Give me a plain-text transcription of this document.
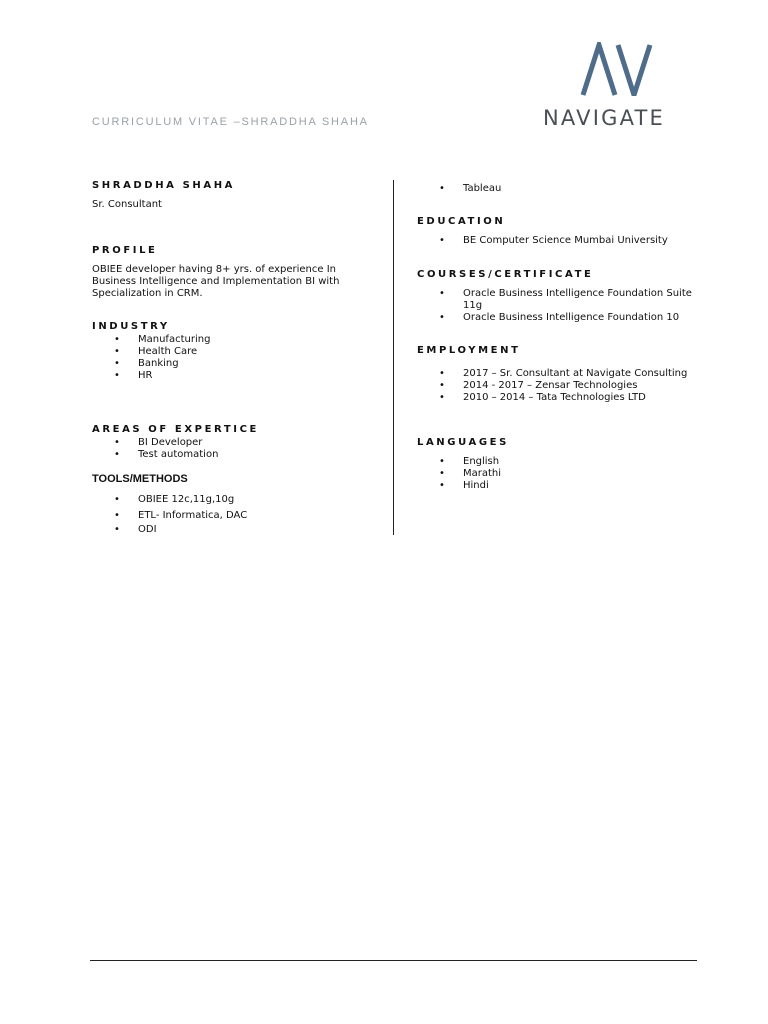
CURRICULUM VITAE –SHRADDHA SHAHA	NAVIGATE
SHRADDHA SHAHA
Sr. Consultant
PROFILE
OBIEE developer having 8+ yrs. of experience In Business Intelligence and Implementation BI with Specialization in CRM.
INDUSTRY
• Manufacturing
• Health Care
• Banking
• HR
AREAS OF EXPERTICE
• BI Developer
• Test automation
TOOLS/METHODS
• OBIEE 12c,11g,10g
• ETL- Informatica, DAC
• ODI
• Tableau
EDUCATION
• BE Computer Science Mumbai University
COURSES/CERTIFICATE
• Oracle Business Intelligence Foundation Suite 11g
• Oracle Business Intelligence Foundation 10
EMPLOYMENT
• 2017 – Sr. Consultant at Navigate Consulting
• 2014 - 2017 – Zensar Technologies
• 2010 – 2014 – Tata Technologies LTD
LANGUAGES
• English
• Marathi
• Hindi
